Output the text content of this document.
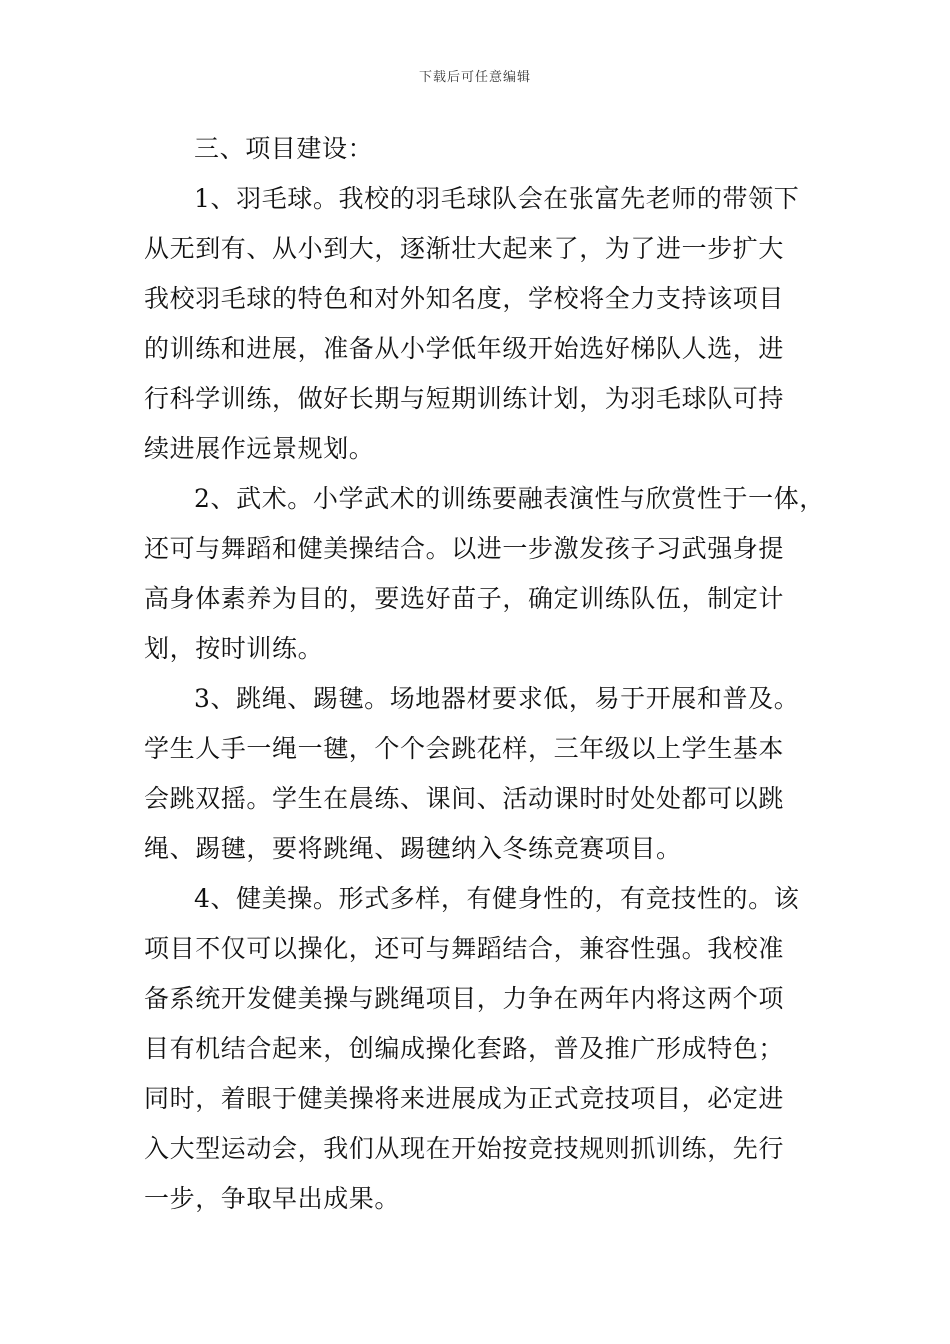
下载后可任意编辑
三、项目建设：
1、羽毛球。我校的羽毛球队会在张富先老师的带领下
从无到有、从小到大，逐渐壮大起来了，为了进一步扩大
我校羽毛球的特色和对外知名度，学校将全力支持该项目
的训练和进展，准备从小学低年级开始选好梯队人选，进
行科学训练，做好长期与短期训练计划，为羽毛球队可持
续进展作远景规划。
2、武术。小学武术的训练要融表演性与欣赏性于一体，
还可与舞蹈和健美操结合。以进一步激发孩子习武强身提
高身体素养为目的，要选好苗子，确定训练队伍，制定计
划，按时训练。
3、跳绳、踢毽。场地器材要求低，易于开展和普及。
学生人手一绳一毽，个个会跳花样，三年级以上学生基本
会跳双摇。学生在晨练、课间、活动课时时处处都可以跳
绳、踢毽，要将跳绳、踢毽纳入冬练竞赛项目。
4、健美操。形式多样，有健身性的，有竞技性的。该
项目不仅可以操化，还可与舞蹈结合，兼容性强。我校准
备系统开发健美操与跳绳项目，力争在两年内将这两个项
目有机结合起来，创编成操化套路，普及推广形成特色；
同时，着眼于健美操将来进展成为正式竞技项目，必定进
入大型运动会，我们从现在开始按竞技规则抓训练，先行
一步，争取早出成果。
